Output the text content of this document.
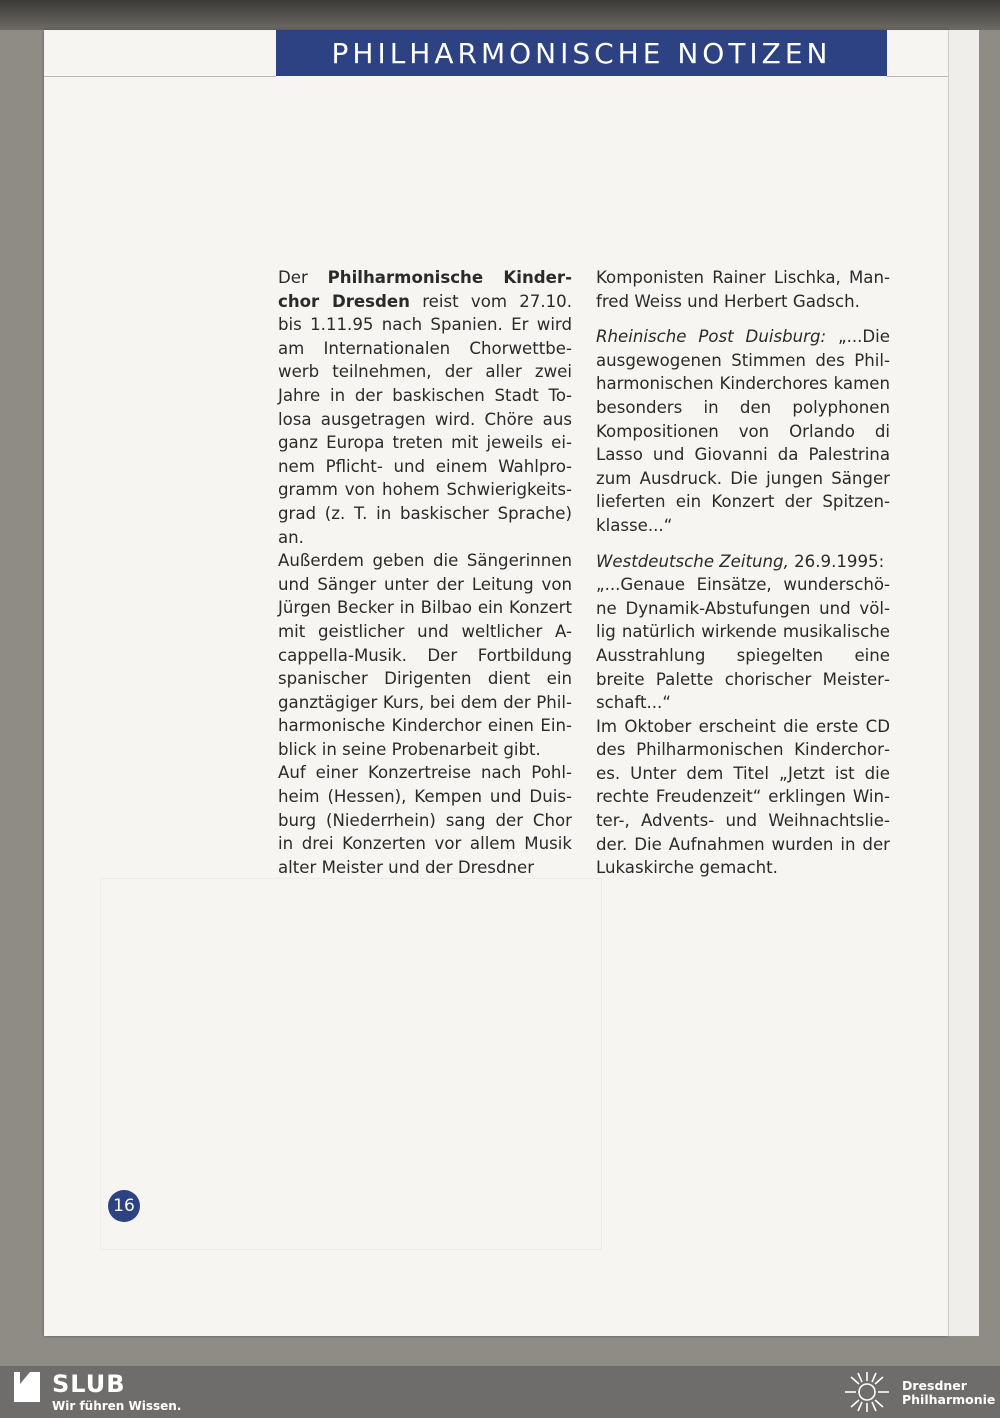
PHILHARMONISCHE NOTIZEN

Der Philharmonische Kinderchor Dresden reist vom 27.10. bis 1.11.95 nach Spanien. Er wird am Internationalen Chorwettbewerb teilnehmen, der aller zwei Jahre in der baskischen Stadt Tolosa ausgetragen wird. Chöre aus ganz Europa treten mit jeweils einem Pflicht- und einem Wahlprogramm von hohem Schwierigkeitsgrad (z. T. in baskischer Sprache) an.

Außerdem geben die Sängerinnen und Sänger unter der Leitung von Jürgen Becker in Bilbao ein Konzert mit geistlicher und weltlicher A-cappella-Musik. Der Fortbildung spanischer Dirigenten dient ein ganztägiger Kurs, bei dem der Philharmonische Kinderchor einen Einblick in seine Probenarbeit gibt.

Auf einer Konzertreise nach Pohlheim (Hessen), Kempen und Duisburg (Niederrhein) sang der Chor in drei Konzerten vor allem Musik alter Meister und der Dresdner

Komponisten Rainer Lischka, Manfred Weiss und Herbert Gadsch.

Rheinische Post Duisburg: „...Die ausgewogenen Stimmen des Philharmonischen Kinderchores kamen besonders in den polyphonen Kompositionen von Orlando di Lasso und Giovanni da Palestrina zum Ausdruck. Die jungen Sänger lieferten ein Konzert der Spitzenklasse...“

Westdeutsche Zeitung, 26.9.1995:
„...Genaue Einsätze, wunderschöne Dynamik-Abstufungen und völlig natürlich wirkende musikalische Ausstrahlung spiegelten eine breite Palette chorischer Meisterschaft...“

Im Oktober erscheint die erste CD des Philharmonischen Kinderchores. Unter dem Titel „Jetzt ist die rechte Freudenzeit“ erklingen Winter-, Advents- und Weihnachtslieder. Die Aufnahmen wurden in der Lukaskirche gemacht.

16
SLUB
Wir führen Wissen.
Dresdner
Philharmonie
